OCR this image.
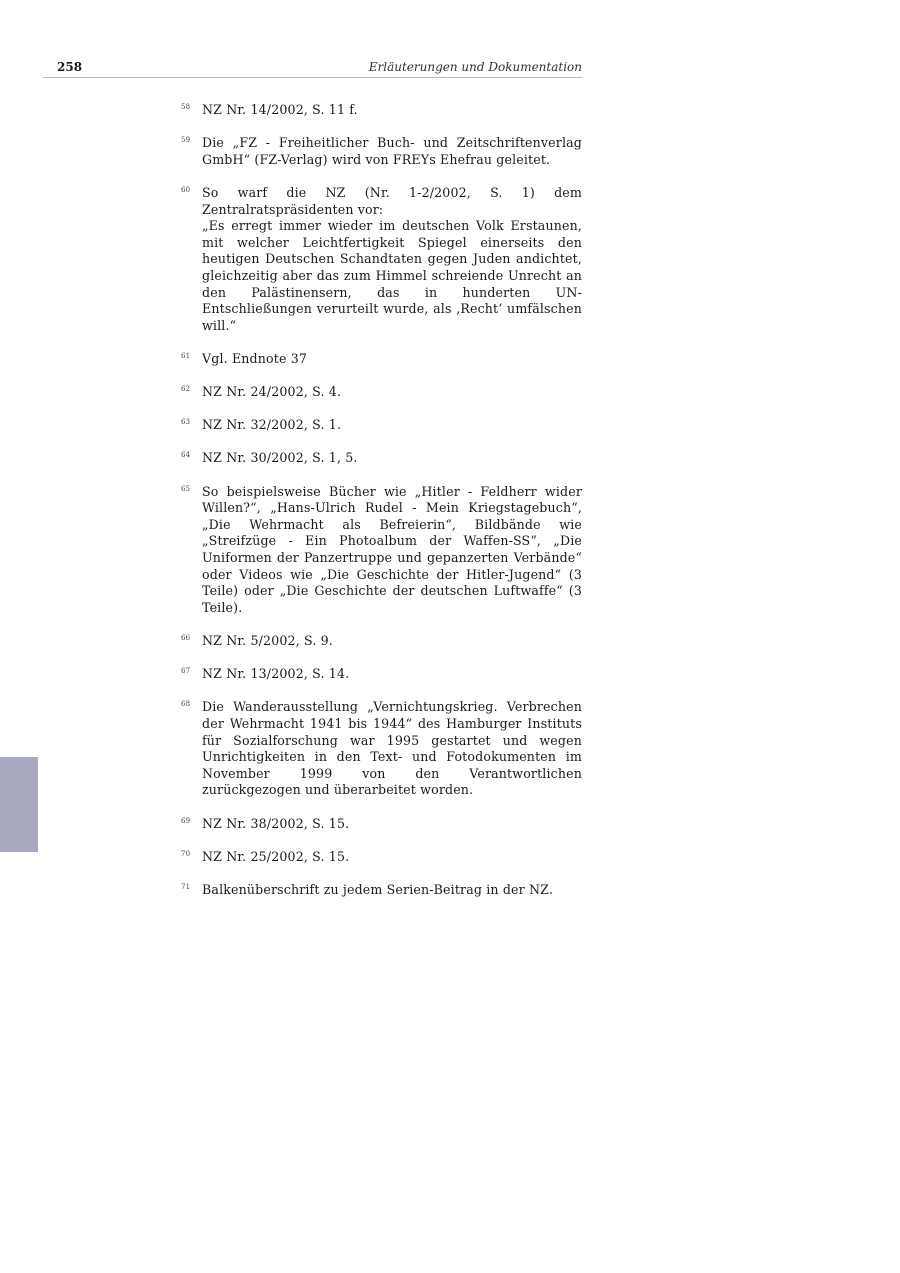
258	Erläuterungen und Dokumentation
58 NZ Nr. 14/2002, S. 11 f.
59 Die „FZ - Freiheitlicher Buch- und Zeitschriftenverlag GmbH“ (FZ-Verlag) wird von FREYs Ehefrau geleitet.
60 So warf die NZ (Nr. 1-2/2002, S. 1) dem Zentralratspräsidenten vor:
„Es erregt immer wieder im deutschen Volk Erstaunen, mit welcher Leichtfertigkeit Spiegel einerseits den heutigen Deutschen Schandtaten gegen Juden andichtet, gleichzeitig aber das zum Himmel schreiende Unrecht an den Palästinensern, das in hunderten UN-Entschließungen verurteilt wurde, als ‚Recht‘ umfälschen will.“
61 Vgl. Endnote 37
62 NZ Nr. 24/2002, S. 4.
63 NZ Nr. 32/2002, S. 1.
64 NZ Nr. 30/2002, S. 1, 5.
65 So beispielsweise Bücher wie „Hitler - Feldherr wider Willen?“, „Hans-Ulrich Rudel - Mein Kriegstagebuch“, „Die Wehrmacht als Befreierin“, Bildbände wie „Streifzüge - Ein Photoalbum der Waffen-SS“, „Die Uniformen der Panzertruppe und gepanzerten Verbände“ oder Videos wie „Die Geschichte der Hitler-Jugend“ (3 Teile) oder „Die Geschichte der deutschen Luftwaffe“ (3 Teile).
66 NZ Nr. 5/2002, S. 9.
67 NZ Nr. 13/2002, S. 14.
68 Die Wanderausstellung „Vernichtungskrieg. Verbrechen der Wehrmacht 1941 bis 1944“ des Hamburger Instituts für Sozialforschung war 1995 gestartet und wegen Unrichtigkeiten in den Text- und Fotodokumenten im November 1999 von den Verantwortlichen zurückgezogen und überarbeitet worden.
69 NZ Nr. 38/2002, S. 15.
70 NZ Nr. 25/2002, S. 15.
71 Balkenüberschrift zu jedem Serien-Beitrag in der NZ.
